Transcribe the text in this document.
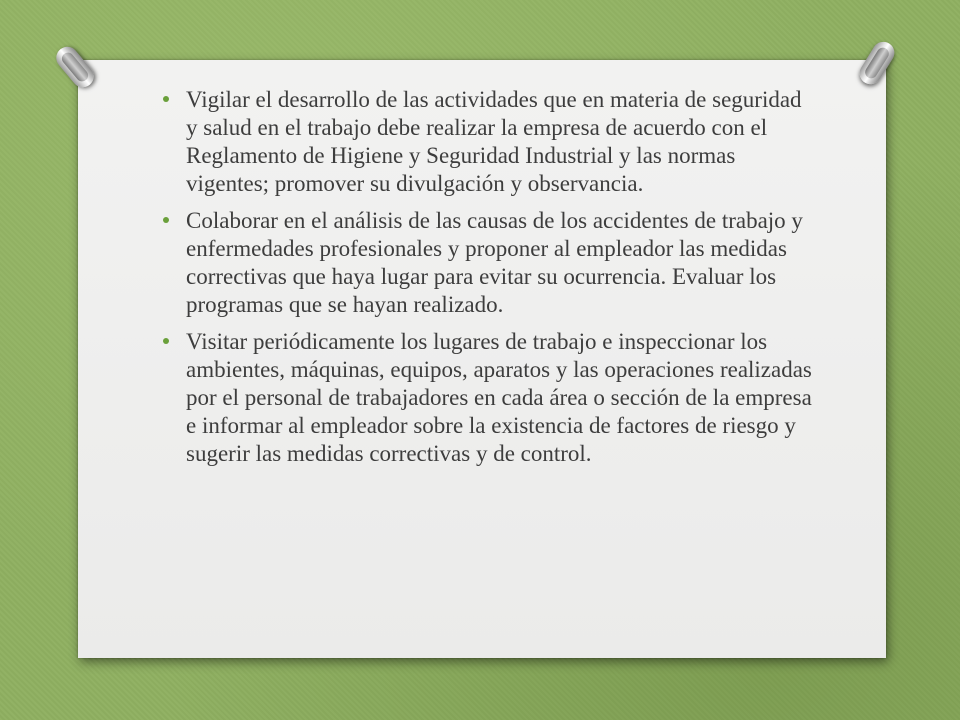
Vigilar el desarrollo de las actividades que en materia de seguridad y salud en el trabajo debe realizar la empresa de acuerdo con el Reglamento de Higiene y Seguridad Industrial y las normas vigentes; promover su divulgación y observancia.
Colaborar en el análisis de las causas de los accidentes de trabajo y enfermedades profesionales y proponer al empleador las medidas correctivas que haya lugar para evitar su ocurrencia. Evaluar los programas que se hayan realizado.
Visitar periódicamente los lugares de trabajo e inspeccionar los ambientes, máquinas, equipos, aparatos y las operaciones realizadas por el personal de trabajadores en cada área o sección de la empresa e informar al empleador sobre la existencia de factores de riesgo y sugerir las medidas correctivas y de control.
